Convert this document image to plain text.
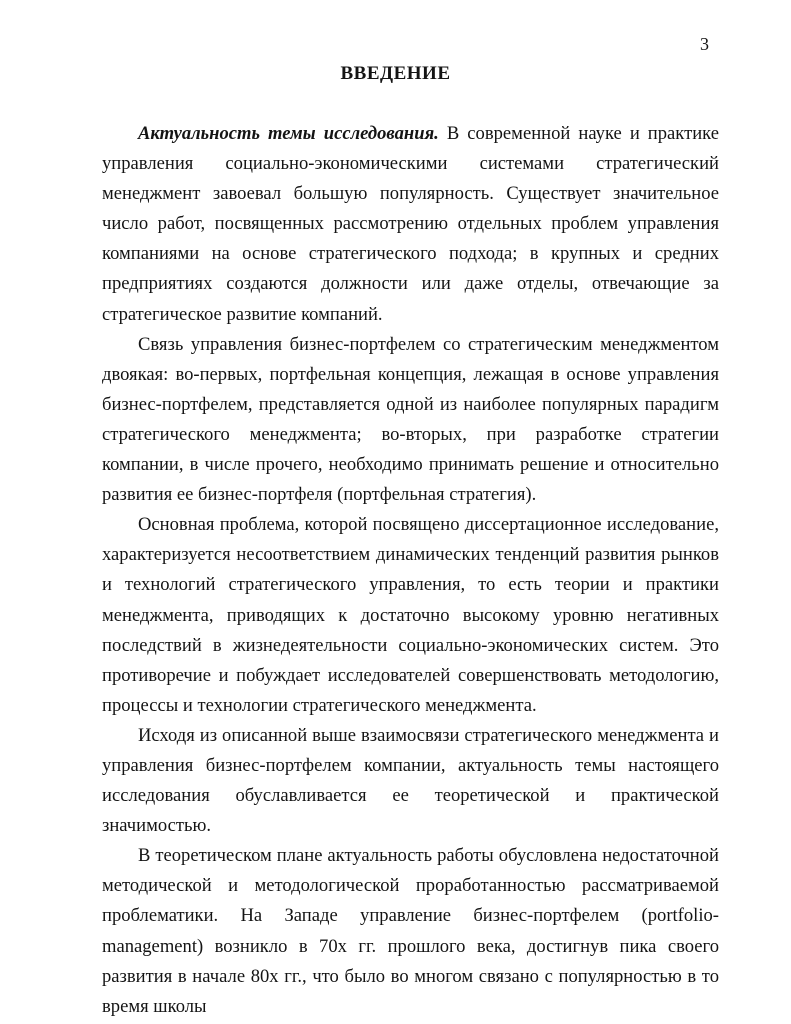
3
ВВЕДЕНИЕ

Актуальность темы исследования. В современной науке и практике управления социально-экономическими системами стратегический менеджмент завоевал большую популярность. Существует значительное число работ, посвященных рассмотрению отдельных проблем управления компаниями на основе стратегического подхода; в крупных и средних предприятиях создаются должности или даже отделы, отвечающие за стратегическое развитие компаний.

Связь управления бизнес-портфелем со стратегическим менеджментом двоякая: во-первых, портфельная концепция, лежащая в основе управления бизнес-портфелем, представляется одной из наиболее популярных парадигм стратегического менеджмента; во-вторых, при разработке стратегии компании, в числе прочего, необходимо принимать решение и относительно развития ее бизнес-портфеля (портфельная стратегия).

Основная проблема, которой посвящено диссертационное исследование, характеризуется несоответствием динамических тенденций развития рынков и технологий стратегического управления, то есть теории и практики менеджмента, приводящих к достаточно высокому уровню негативных последствий в жизнедеятельности социально-экономических систем. Это противоречие и побуждает исследователей совершенствовать методологию, процессы и технологии стратегического менеджмента.

Исходя из описанной выше взаимосвязи стратегического менеджмента и управления бизнес-портфелем компании, актуальность темы настоящего исследования обуславливается ее теоретической и практической значимостью.

В теоретическом плане актуальность работы обусловлена недостаточной методической и методологической проработанностью рассматриваемой проблематики. На Западе управление бизнес-портфелем (portfolio-management) возникло в 70х гг. прошлого века, достигнув пика своего развития в начале 80х гг., что было во многом связано с популярностью в то время школы
